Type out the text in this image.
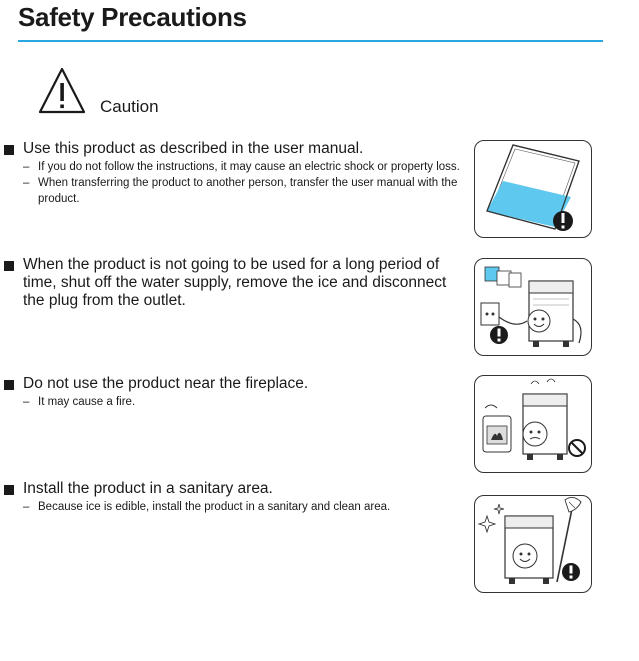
Safety Precautions
Caution
Use this product as described in the user manual.
– If you do not follow the instructions, it may cause an electric shock or property loss.
– When transferring the product to another person, transfer the user manual with the product.
When the product is not going to be used for a long period of time, shut off the water supply, remove the ice and disconnect the plug from the outlet.
Do not use the product near the fireplace.
– It may cause a fire.
Install the product in a sanitary area.
– Because ice is edible, install the product in a sanitary and clean area.
